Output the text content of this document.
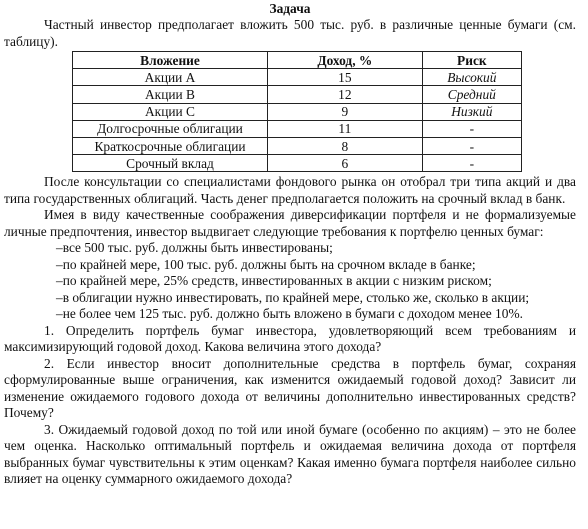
Задача
Частный инвестор предполагает вложить 500 тыс. руб. в различные ценные бумаги (см. таблицу).
Вложение	Доход, %	Риск
Акции А	15	Высокий
Акции В	12	Средний
Акции С	9	Низкий
Долгосрочные облигации	11	-
Краткосрочные облигации	8	-
Срочный вклад	6	-
После консультации со специалистами фондового рынка он отобрал три типа акций и два типа государственных облигаций. Часть денег предполагается положить на срочный вклад в банк.
Имея в виду качественные соображения диверсификации портфеля и не формализуемые личные предпочтения, инвестор выдвигает следующие требования к портфелю ценных бумаг:
–все 500 тыс. руб. должны быть инвестированы;
–по крайней мере, 100 тыс. руб. должны быть на срочном вкладе в банке;
–по крайней мере, 25% средств, инвестированных в акции с низким риском;
–в облигации нужно инвестировать, по крайней мере, столько же, сколько в акции;
–не более чем 125 тыс. руб. должно быть вложено в бумаги с доходом менее 10%.
1. Определить портфель бумаг инвестора, удовлетворяющий всем требованиям и максимизирующий годовой доход. Какова величина этого дохода?
2. Если инвестор вносит дополнительные средства в портфель бумаг, сохраняя сформулированные выше ограничения, как изменится ожидаемый годовой доход? Зависит ли изменение ожидаемого годового дохода от величины дополнительно инвестированных средств? Почему?
3. Ожидаемый годовой доход по той или иной бумаге (особенно по акциям) – это не более чем оценка. Насколько оптимальный портфель и ожидаемая величина дохода от портфеля выбранных бумаг чувствительны к этим оценкам? Какая именно бумага портфеля наиболее сильно влияет на оценку суммарного ожидаемого дохода?
